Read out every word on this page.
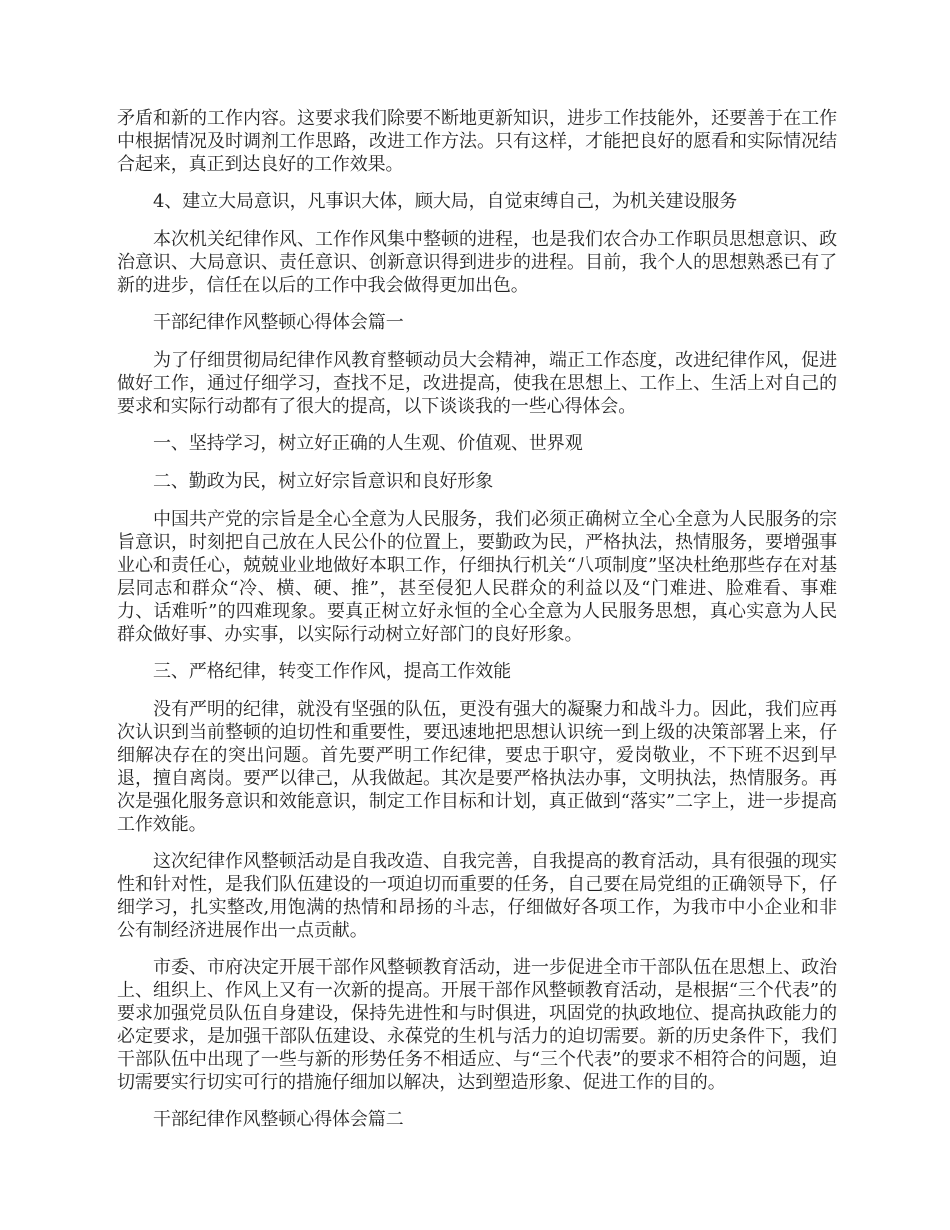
矛盾和新的工作内容。这要求我们除要不断地更新知识，进步工作技能外，还要善于在工作中根据情况及时调剂工作思路，改进工作方法。只有这样，才能把良好的愿看和实际情况结合起来，真正到达良好的工作效果。

4、建立大局意识，凡事识大体，顾大局，自觉束缚自己，为机关建设服务

本次机关纪律作风、工作作风集中整顿的进程，也是我们农合办工作职员思想意识、政治意识、大局意识、责任意识、创新意识得到进步的进程。目前，我个人的思想熟悉已有了新的进步，信任在以后的工作中我会做得更加出色。

干部纪律作风整顿心得体会篇一

为了仔细贯彻局纪律作风教育整顿动员大会精神，端正工作态度，改进纪律作风，促进做好工作，通过仔细学习，查找不足，改进提高，使我在思想上、工作上、生活上对自己的要求和实际行动都有了很大的提高，以下谈谈我的一些心得体会。

一、坚持学习，树立好正确的人生观、价值观、世界观

二、勤政为民，树立好宗旨意识和良好形象

中国共产党的宗旨是全心全意为人民服务，我们必须正确树立全心全意为人民服务的宗旨意识，时刻把自己放在人民公仆的位置上，要勤政为民，严格执法，热情服务，要增强事业心和责任心，兢兢业业地做好本职工作，仔细执行机关“八项制度”坚决杜绝那些存在对基层同志和群众“冷、横、硬、推”，甚至侵犯人民群众的利益以及“门难进、脸难看、事难力、话难听”的四难现象。要真正树立好永恒的全心全意为人民服务思想，真心实意为人民群众做好事、办实事，以实际行动树立好部门的良好形象。

三、严格纪律，转变工作作风，提高工作效能

没有严明的纪律，就没有坚强的队伍，更没有强大的凝聚力和战斗力。因此，我们应再次认识到当前整顿的迫切性和重要性，要迅速地把思想认识统一到上级的决策部署上来，仔细解决存在的突出问题。首先要严明工作纪律，要忠于职守，爱岗敬业，不下班不迟到早退，擅自离岗。要严以律己，从我做起。其次是要严格执法办事，文明执法，热情服务。再次是强化服务意识和效能意识，制定工作目标和计划，真正做到“落实”二字上，进一步提高工作效能。

这次纪律作风整顿活动是自我改造、自我完善，自我提高的教育活动，具有很强的现实性和针对性，是我们队伍建设的一项迫切而重要的任务，自己要在局党组的正确领导下，仔细学习，扎实整改,用饱满的热情和昂扬的斗志，仔细做好各项工作，为我市中小企业和非公有制经济进展作出一点贡献。

市委、市府决定开展干部作风整顿教育活动，进一步促进全市干部队伍在思想上、政治上、组织上、作风上又有一次新的提高。开展干部作风整顿教育活动，是根据“三个代表”的要求加强党员队伍自身建设，保持先进性和与时俱进，巩固党的执政地位、提高执政能力的必定要求，是加强干部队伍建设、永葆党的生机与活力的迫切需要。新的历史条件下，我们干部队伍中出现了一些与新的形势任务不相适应、与“三个代表”的要求不相符合的问题，迫切需要实行切实可行的措施仔细加以解决，达到塑造形象、促进工作的目的。

干部纪律作风整顿心得体会篇二
